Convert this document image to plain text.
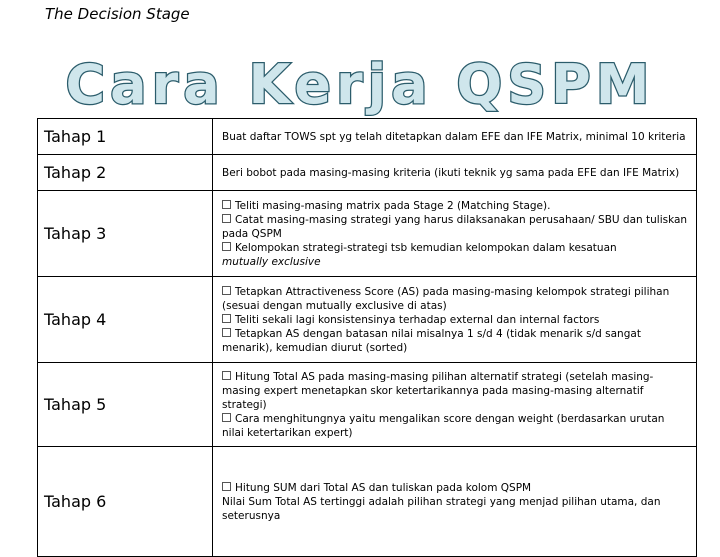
The Decision Stage
Cara Kerja QSPM
Tahap 1	Buat daftar TOWS spt yg telah ditetapkan dalam EFE dan IFE Matrix, minimal 10 kriteria

Tahap 2	Beri bobot pada masing-masing kriteria (ikuti teknik yg sama pada EFE dan IFE Matrix)

Tahap 3	Teliti masing-masing matrix pada Stage 2 (Matching Stage).
Catat masing-masing strategi yang harus dilaksanakan perusahaan/ SBU dan tuliskan pada QSPM
Kelompokan strategi-strategi tsb kemudian kelompokan dalam kesatuan
mutually exclusive

Tahap 4	Tetapkan Attractiveness Score (AS) pada masing-masing kelompok strategi pilihan (sesuai dengan mutually exclusive di atas)
Teliti sekali lagi konsistensinya terhadap external dan internal factors
Tetapkan AS dengan batasan nilai misalnya 1 s/d 4 (tidak menarik s/d sangat menarik), kemudian diurut (sorted)

Tahap 5	Hitung Total AS pada masing-masing pilihan alternatif strategi (setelah masing-masing expert menetapkan skor ketertarikannya pada masing-masing alternatif strategi)
Cara menghitungnya yaitu mengalikan score dengan weight (berdasarkan urutan nilai ketertarikan expert)

Tahap 6	Hitung SUM dari Total AS dan tuliskan pada kolom QSPM
Nilai Sum Total AS tertinggi adalah pilihan strategi yang menjad pilihan utama, dan seterusnya
